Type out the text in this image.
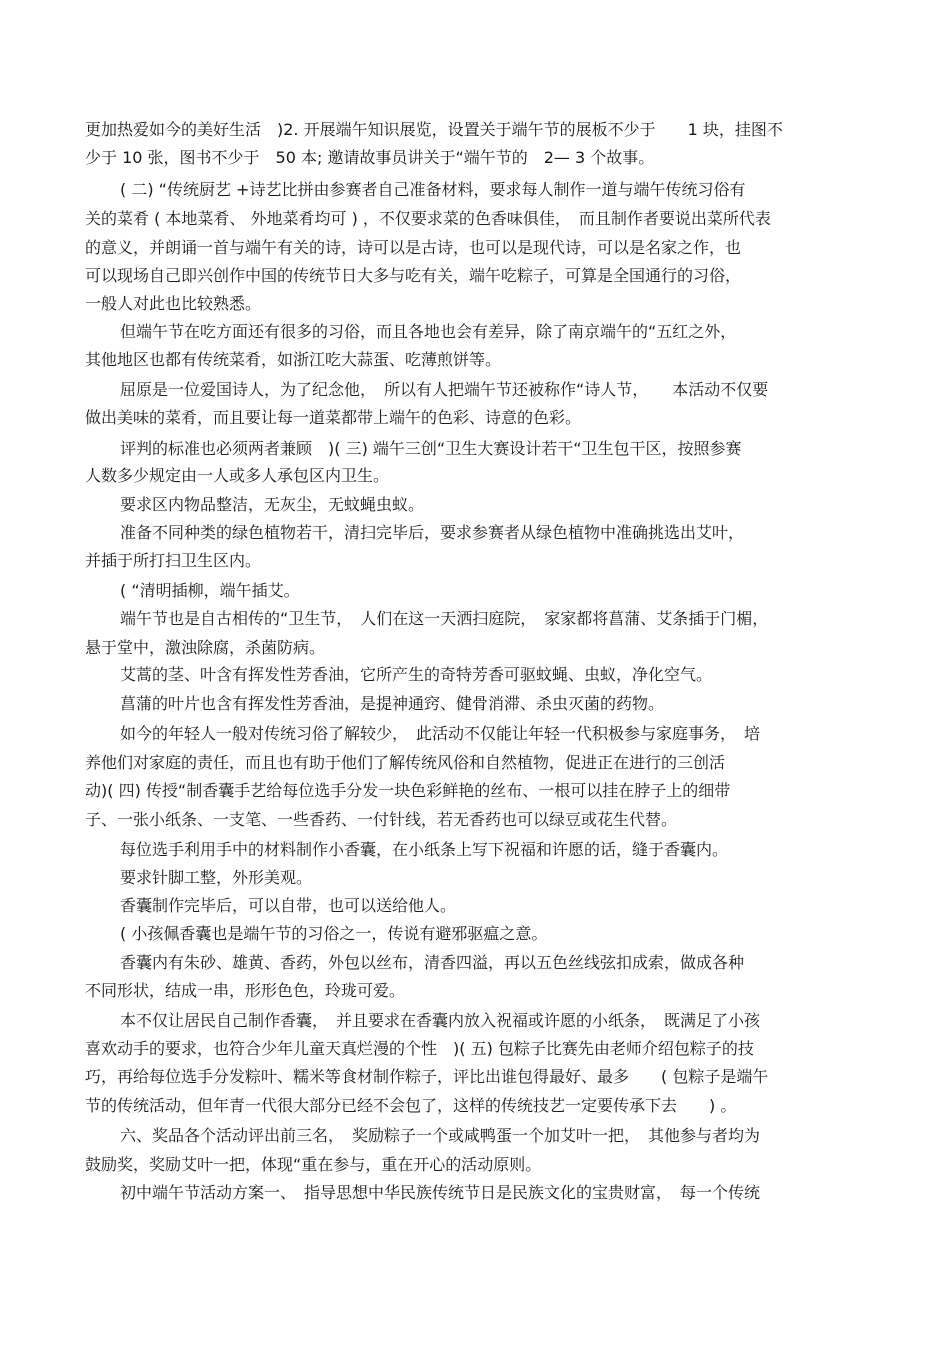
更加热爱如今的美好生活　)2. 开展端午知识展览，设置关于端午节的展板不少于　　1 块，挂图不
少于 10 张，图书不少于　50 本; 邀请故事员讲关于“端午节的　2— 3 个故事。
( 二) “传统厨艺 +诗艺比拼由参赛者自己准备材料，要求每人制作一道与端午传统习俗有
关的菜肴 ( 本地菜肴、 外地菜肴均可 ) ，不仅要求菜的色香味俱佳，　而且制作者要说出菜所代表
的意义，并朗诵一首与端午有关的诗，诗可以是古诗，也可以是现代诗，可以是名家之作，也
可以现场自己即兴创作中国的传统节日大多与吃有关，端午吃粽子，可算是全国通行的习俗，
一般人对此也比较熟悉。
但端午节在吃方面还有很多的习俗，而且各地也会有差异，除了南京端午的“五红之外，
其他地区也都有传统菜肴，如浙江吃大蒜蛋、吃薄煎饼等。
屈原是一位爱国诗人，为了纪念他，　所以有人把端午节还被称作“诗人节，　　本活动不仅要
做出美味的菜肴，而且要让每一道菜都带上端午的色彩、诗意的色彩。
评判的标准也必须两者兼顾　)( 三) 端午三创“卫生大赛设计若干“卫生包干区，按照参赛
人数多少规定由一人或多人承包区内卫生。
要求区内物品整洁，无灰尘，无蚊蝇虫蚁。
准备不同种类的绿色植物若干，清扫完毕后，要求参赛者从绿色植物中准确挑选出艾叶，
并插于所打扫卫生区内。
( “清明插柳，端午插艾。
端午节也是自古相传的“卫生节，　人们在这一天洒扫庭院，　家家都将菖蒲、艾条插于门楣，
悬于堂中，激浊除腐，杀菌防病。
艾蒿的茎、叶含有挥发性芳香油，它所产生的奇特芳香可驱蚊蝇、虫蚁，净化空气。
菖蒲的叶片也含有挥发性芳香油，是提神通窍、健骨消滞、杀虫灭菌的药物。
如今的年轻人一般对传统习俗了解较少，　此活动不仅能让年轻一代积极参与家庭事务，　培
养他们对家庭的责任，而且也有助于他们了解传统风俗和自然植物，促进正在进行的三创活
动)( 四) 传授“制香囊手艺给每位选手分发一块色彩鲜艳的丝布、一根可以挂在脖子上的细带
子、一张小纸条、一支笔、一些香药、一付针线，若无香药也可以绿豆或花生代替。
每位选手利用手中的材料制作小香囊，在小纸条上写下祝福和许愿的话，缝于香囊内。
要求针脚工整，外形美观。
香囊制作完毕后，可以自带，也可以送给他人。
( 小孩佩香囊也是端午节的习俗之一，传说有避邪驱瘟之意。
香囊内有朱砂、雄黄、香药，外包以丝布，清香四溢，再以五色丝线弦扣成索，做成各种
不同形状，结成一串，形形色色，玲珑可爱。
本不仅让居民自己制作香囊，　并且要求在香囊内放入祝福或许愿的小纸条，　既满足了小孩
喜欢动手的要求，也符合少年儿童天真烂漫的个性　)( 五) 包粽子比赛先由老师介绍包粽子的技
巧，再给每位选手分发粽叶、糯米等食材制作粽子，评比出谁包得最好、最多　　( 包粽子是端午
节的传统活动，但年青一代很大部分已经不会包了，这样的传统技艺一定要传承下去　　) 。
六、奖品各个活动评出前三名，　奖励粽子一个或咸鸭蛋一个加艾叶一把，　其他参与者均为
鼓励奖，奖励艾叶一把，体现“重在参与，重在开心的活动原则。
初中端午节活动方案一、　指导思想中华民族传统节日是民族文化的宝贵财富，　每一个传统
